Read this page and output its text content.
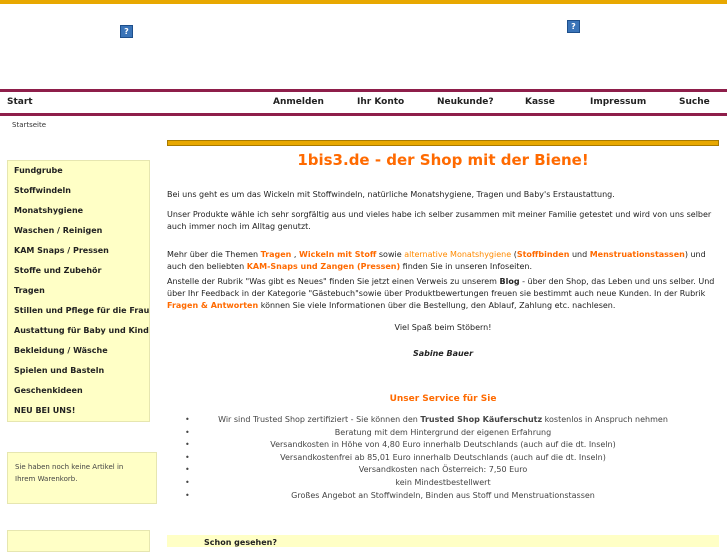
?
?
Start	Anmelden	Ihr Konto	Neukunde?	Kasse	Impressum	Suche
Startseite
Fundgrube
Stoffwindeln
Monatshygiene
Waschen / Reinigen
KAM Snaps / Pressen
Stoffe und Zubehör
Tragen
Stillen und Pflege für die Frau
Austattung für Baby und Kind
Bekleidung / Wäsche
Spielen und Basteln
Geschenkideen
NEU BEI UNS!
Sie haben noch keine Artikel in Ihrem Warenkorb.
1bis3.de - der Shop mit der Biene!
Bei uns geht es um das Wickeln mit Stoffwindeln, natürliche Monatshygiene, Tragen und Baby's Erstaustattung.
Unser Produkte wähle ich sehr sorgfältig aus und vieles habe ich selber zusammen mit meiner Familie getestet und wird von uns selber auch immer noch im Alltag genutzt.
Mehr über die Themen Tragen , Wickeln mit Stoff sowie alternative Monatshygiene (Stoffbinden und Menstruationstassen) und auch den beliebten KAM-Snaps und Zangen (Pressen) finden Sie in unseren Infoseiten.
Anstelle der Rubrik "Was gibt es Neues" finden Sie jetzt einen Verweis zu unserem Blog - über den Shop, das Leben und uns selber. Und über Ihr Feedback in der Kategorie "Gästebuch"sowie über Produktbewertungen freuen sie bestimmt auch neue Kunden. In der Rubrik Fragen & Antworten können Sie viele Informationen über die Bestellung, den Ablauf, Zahlung etc. nachlesen.
Viel Spaß beim Stöbern!
Sabine Bauer
Unser Service für Sie
• Wir sind Trusted Shop zertifiziert - Sie können den Trusted Shop Käuferschutz kostenlos in Anspruch nehmen
• Beratung mit dem Hintergrund der eigenen Erfahrung
• Versandkosten in Höhe von 4,80 Euro innerhalb Deutschlands (auch auf die dt. Inseln)
• Versandkostenfrei ab 85,01 Euro innerhalb Deutschlands (auch auf die dt. Inseln)
• Versandkosten nach Österreich: 7,50 Euro
• kein Mindestbestellwert
• Großes Angebot an Stoffwindeln, Binden aus Stoff und Menstruationstassen
Schon gesehen?
